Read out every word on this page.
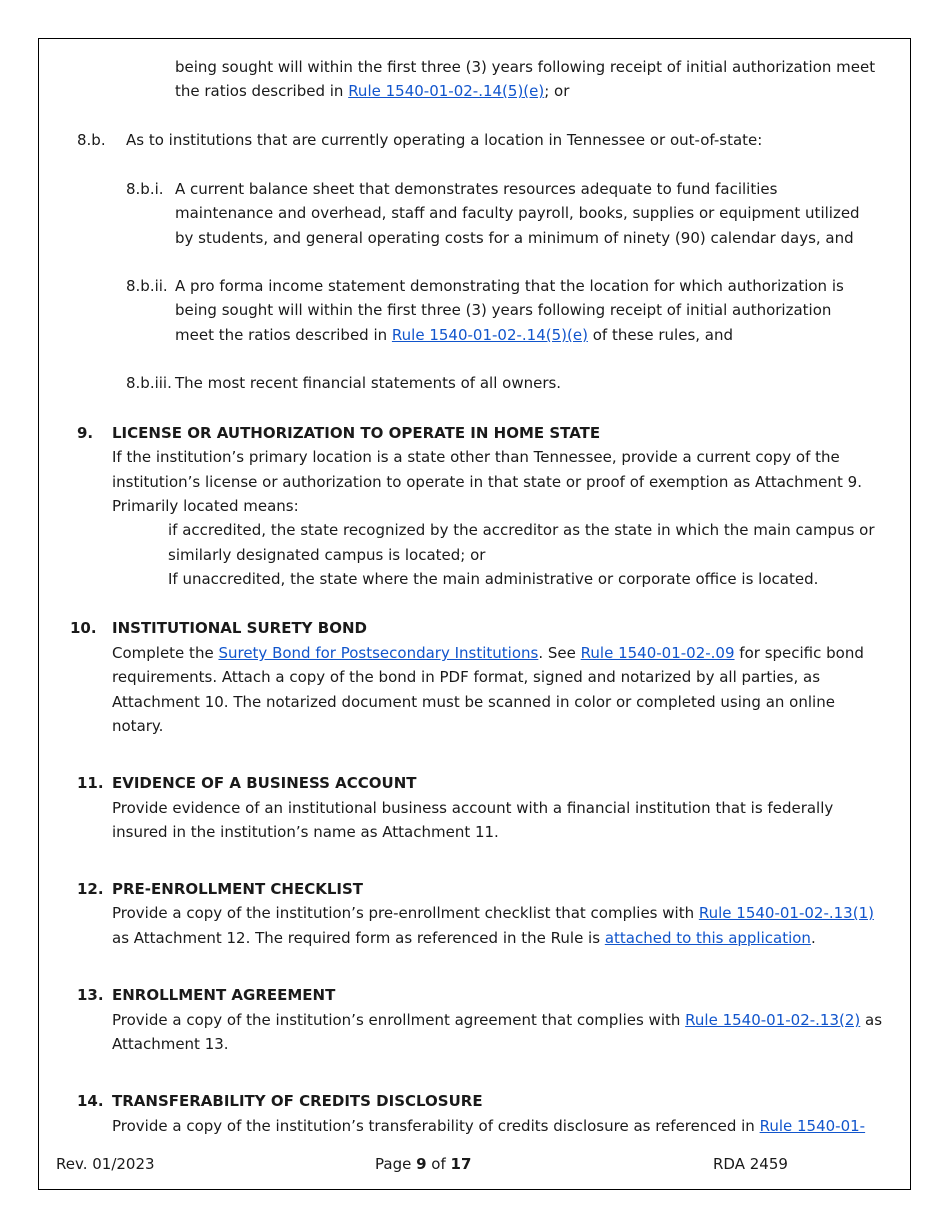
being sought will within the first three (3) years following receipt of initial authorization meet
the ratios described in Rule 1540-01-02-.14(5)(e); or
8.b. As to institutions that are currently operating a location in Tennessee or out-of-state:
8.b.i. A current balance sheet that demonstrates resources adequate to fund facilities
maintenance and overhead, staff and faculty payroll, books, supplies or equipment utilized
by students, and general operating costs for a minimum of ninety (90) calendar days, and
8.b.ii. A pro forma income statement demonstrating that the location for which authorization is
being sought will within the first three (3) years following receipt of initial authorization
meet the ratios described in Rule 1540-01-02-.14(5)(e) of these rules, and
8.b.iii. The most recent financial statements of all owners.
9. LICENSE OR AUTHORIZATION TO OPERATE IN HOME STATE
If the institution’s primary location is a state other than Tennessee, provide a current copy of the
institution’s license or authorization to operate in that state or proof of exemption as Attachment 9.
Primarily located means:
if accredited, the state recognized by the accreditor as the state in which the main campus or
similarly designated campus is located; or
If unaccredited, the state where the main administrative or corporate office is located.
10. INSTITUTIONAL SURETY BOND
Complete the Surety Bond for Postsecondary Institutions. See Rule 1540-01-02-.09 for specific bond
requirements. Attach a copy of the bond in PDF format, signed and notarized by all parties, as
Attachment 10. The notarized document must be scanned in color or completed using an online
notary.
11. EVIDENCE OF A BUSINESS ACCOUNT
Provide evidence of an institutional business account with a financial institution that is federally
insured in the institution’s name as Attachment 11.
12. PRE-ENROLLMENT CHECKLIST
Provide a copy of the institution’s pre-enrollment checklist that complies with Rule 1540-01-02-.13(1)
as Attachment 12. The required form as referenced in the Rule is attached to this application.
13. ENROLLMENT AGREEMENT
Provide a copy of the institution’s enrollment agreement that complies with Rule 1540-01-02-.13(2) as
Attachment 13.
14. TRANSFERABILITY OF CREDITS DISCLOSURE
Provide a copy of the institution’s transferability of credits disclosure as referenced in Rule 1540-01-
Rev. 01/2023	Page 9 of 17	RDA 2459
